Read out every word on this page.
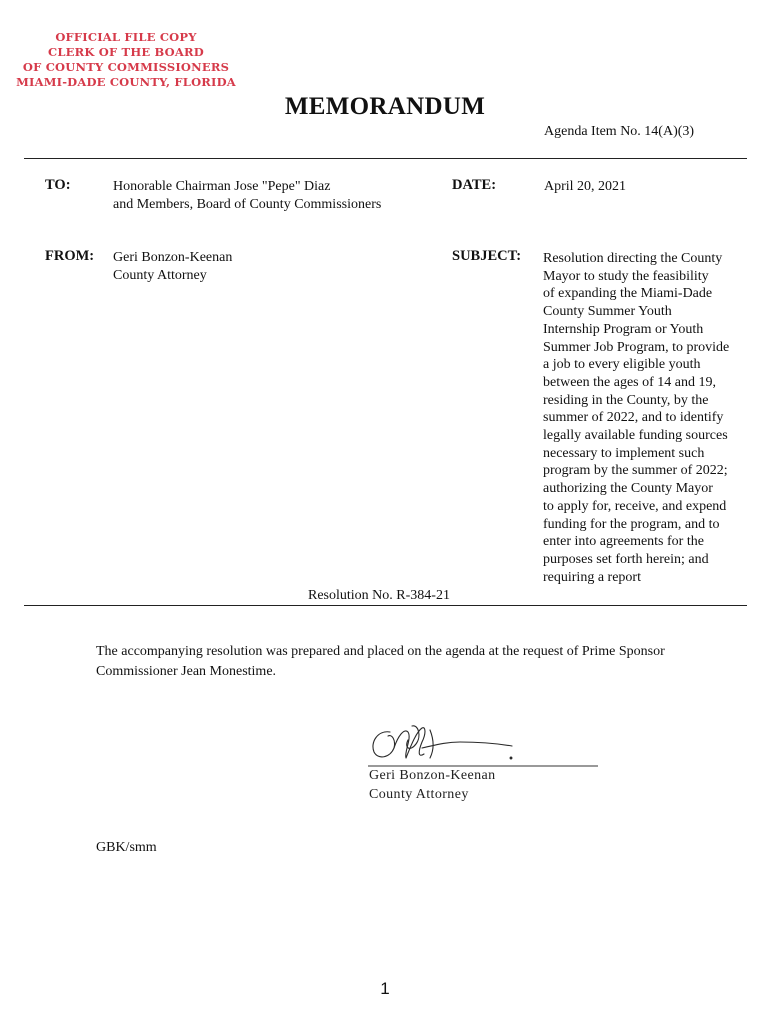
OFFICIAL FILE COPY
CLERK OF THE BOARD
OF COUNTY COMMISSIONERS
MIAMI-DADE COUNTY, FLORIDA
MEMORANDUM
Agenda Item No. 14(A)(3)
TO:	Honorable Chairman Jose "Pepe" Diaz
and Members, Board of County Commissioners
DATE:	April 20, 2021
FROM: Geri Bonzon-Keenan
County Attorney
SUBJECT: Resolution directing the County
Mayor to study the feasibility
of expanding the Miami-Dade
County Summer Youth
Internship Program or Youth
Summer Job Program, to provide
a job to every eligible youth
between the ages of 14 and 19,
residing in the County, by the
summer of 2022, and to identify
legally available funding sources
necessary to implement such
program by the summer of 2022;
authorizing the County Mayor
to apply for, receive, and expend
funding for the program, and to
enter into agreements for the
purposes set forth herein; and
requiring a report
Resolution No. R-384-21
The accompanying resolution was prepared and placed on the agenda at the request of Prime Sponsor
Commissioner Jean Monestime.
Geri Bonzon-Keenan
County Attorney
GBK/smm
1
